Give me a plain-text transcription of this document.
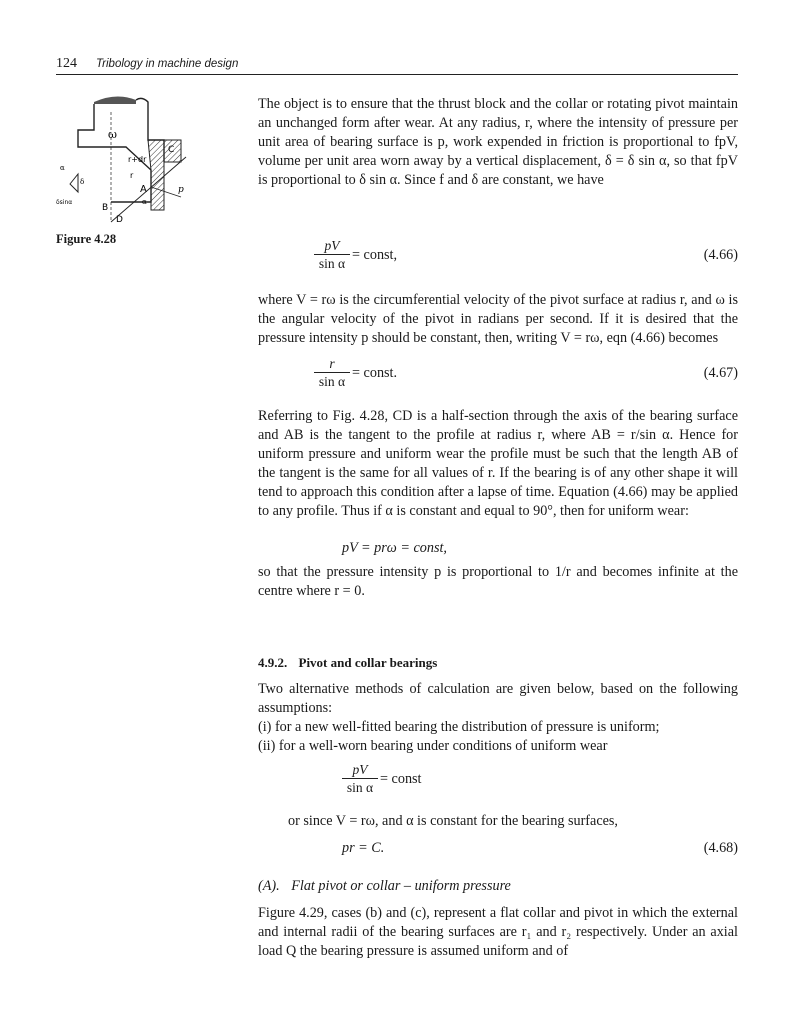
124 Tribology in machine design
ω
r+dr
r
C
A	p
α
δ
δsinα
B
D
α
Figure 4.28

The object is to ensure that the thrust block and the collar or rotating pivot maintain an unchanged form after wear. At any radius, r, where the intensity of pressure per unit area of bearing surface is p, work expended in friction is proportional to fpV, volume per unit area worn away by a vertical displacement, δ = δ sin α, so that fpV is proportional to δ sin α. Since f and δ are constant, we have

pV
sin α
= const,	(4.66)

where V = rω is the circumferential velocity of the pivot surface at radius r, and ω is the angular velocity of the pivot in radians per second. If it is desired that the pressure intensity p should be constant, then, writing V = rω, eqn (4.66) becomes

r
sin α
= const.	(4.67)

Referring to Fig. 4.28, CD is a half-section through the axis of the bearing surface and AB is the tangent to the profile at radius r, where AB = r/sin α. Hence for uniform pressure and uniform wear the profile must be such that the length AB of the tangent is the same for all values of r. If the bearing is of any other shape it will tend to approach this condition after a lapse of time. Equation (4.66) may be applied to any profile. Thus if α is constant and equal to 90°, then for uniform wear:

pV = prω = const,

so that the pressure intensity p is proportional to 1/r and becomes infinite at the centre where r = 0.

4.9.2. Pivot and collar bearings

Two alternative methods of calculation are given below, based on the following assumptions:

(i) for a new well-fitted bearing the distribution of pressure is uniform;

(ii) for a well-worn bearing under conditions of uniform wear

pV
sin α
= const

or since V = rω, and α is constant for the bearing surfaces,

pr = C.	(4.68)
(A). Flat pivot or collar – uniform pressure

Figure 4.29, cases (b) and (c), represent a flat collar and pivot in which the external and internal radii of the bearing surfaces are r₁ and r₂ respectively. Under an axial load Q the bearing pressure is assumed uniform and of
